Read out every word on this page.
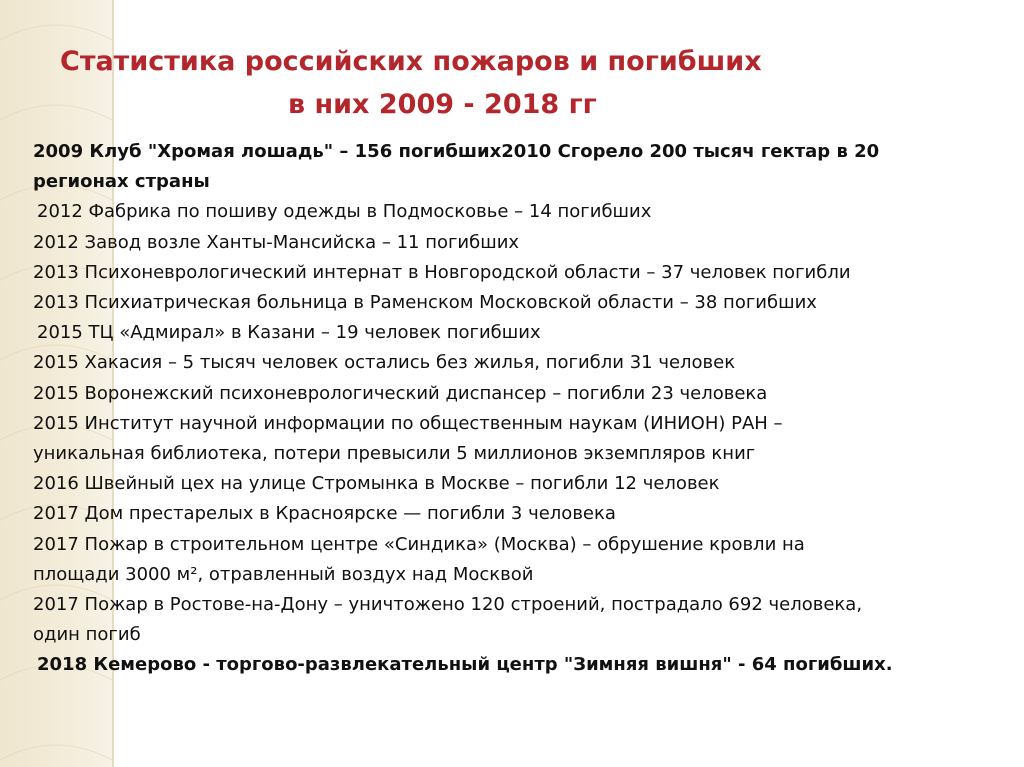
Статистика российских пожаров и погибших
в них 2009 - 2018 гг
2009 Клуб "Хромая лошадь" – 156 погибших2010 Сгорело 200 тысяч гектар в 20
регионах страны
2012 Фабрика по пошиву одежды в Подмосковье – 14 погибших
2012 Завод возле Ханты-Мансийска – 11 погибших
2013 Психоневрологический интернат в Новгородской области – 37 человек погибли
2013 Психиатрическая больница в Раменском Московской области – 38 погибших
2015 ТЦ «Адмирал» в Казани – 19 человек погибших
2015 Хакасия – 5 тысяч человек остались без жилья, погибли 31 человек
2015 Воронежский психоневрологический диспансер – погибли 23 человека
2015 Институт научной информации по общественным наукам (ИНИОН) РАН –
уникальная библиотека, потери превысили 5 миллионов экземпляров книг
2016 Швейный цех на улице Стромынка в Москве – погибли 12 человек
2017 Дом престарелых в Красноярске — погибли 3 человека
2017 Пожар в строительном центре «Синдика» (Москва) – обрушение кровли на
площади 3000 м², отравленный воздух над Москвой
2017 Пожар в Ростове-на-Дону – уничтожено 120 строений, пострадало 692 человека,
один погиб
2018 Кемерово - торгово-развлекательный центр "Зимняя вишня" - 64 погибших.
